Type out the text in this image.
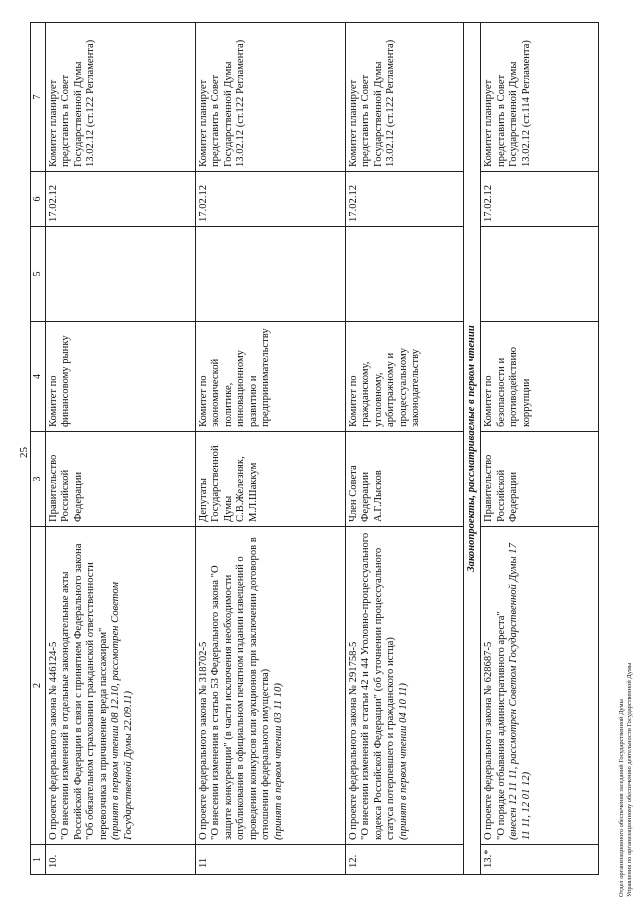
25
1	2	3	4	5	6	7
10.	О проекте федерального закона № 446124-5 "О внесении изменений в отдельные законодательные акты Российской Федерации в связи с принятием Федерального закона "Об обязательном страховании гражданской ответственности перевозчика за причинение вреда пассажирам" (принят в первом чтении 08 12.10, рассмотрен Советом Государственной Думы 22.09.11)	Правительство Российской Федерации	Комитет по финансовому рынку		17.02.12	Комитет планирует представить в Совет Государственной Думы 13.02.12 (ст.122 Регламента)
11	О проекте федерального закона № 318702-5 "О внесении изменения в статью 53 Федерального закона "О защите конкуренции" (в части исключения необходимости опубликования в официальном печатном издании извещений о проведении конкурсов или аукционов при заключении договоров в отношении федерального имущества) (принят в первом чтении 03 11 10)	Депутаты Государственной Думы С.В.Железняк, М.Л.Шаккум	Комитет по экономической политике, инновационному развитию и предпринимательству		17.02.12	Комитет планирует представить в Совет Государственной Думы 13.02.12 (ст.122 Регламента)
12.	О проекте федерального закона № 291758-5 "О внесении изменений в статьи 42 и 44 Уголовно-процессуального кодекса Российской Федерации" (об уточнении процессуального статуса потерпевшего и гражданского истца) (принят в первом чтении 04 10 11)	Член Совета Федерации А.Г.Лысков	Комитет по гражданскому, уголовному, арбитражному и процессуальному законодательству		17.02.12	Комитет планирует представить в Совет Государственной Думы 13.02.12 (ст.122 Регламента)
Законопроекты, рассматриваемые в первом чтении						
13.*	О проекте федерального закона № 628687-5 "О порядке отбывания административного ареста" (внесен 12 11 11, рассмотрен Советом Государственной Думы 17 11 11, 12 01 12)	Правительство Российской Федерации	Комитет по безопасности и противодействию коррупции		17.02.12	Комитет планирует представить в Совет Государственной Думы 13.02.12 (ст.114 Регламента)
Отдел организационного обеспечения заседаний Государственной Думы Управления по организационному обеспечению деятельности Государственной Думы
